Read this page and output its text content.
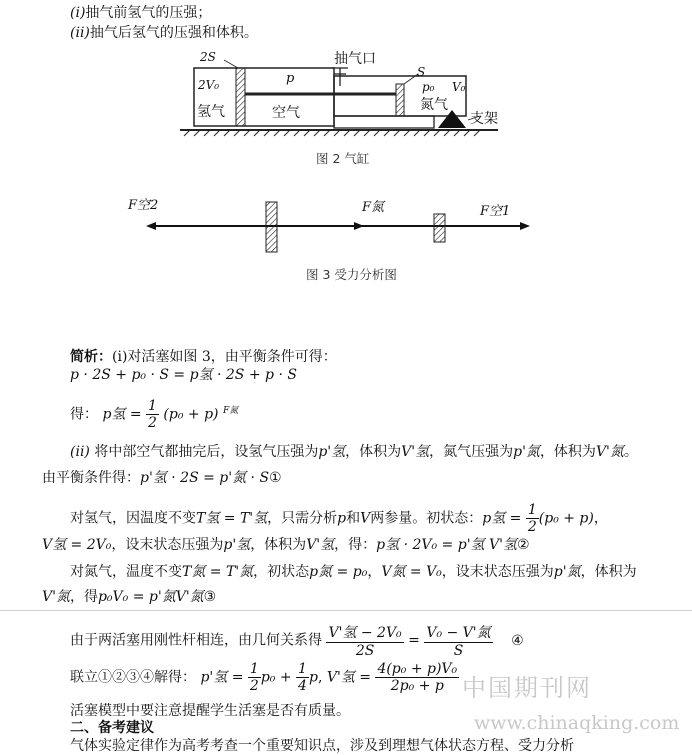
(i)抽气前氢气的压强；
(ii)抽气后氢气的压强和体积。
2S
2V₀
氢气
p
空气
抽气口
S
p₀ V₀
氮气
支架
图 2 气缸
F空2	F氮	F空1
图 3 受力分析图
简析：(i)对活塞如图 3，由平衡条件可得：
p · 2S + p₀ · S = p氢 · 2S + p · S
得： p氢 = $\frac{1}{2} (p_0 + p)$ $^{F氮}$
(ii) 将中部空气都抽完后，设氢气压强为p'氢，体积为V'氢，氮气压强为p'氮，体积为V'氮。
由平衡条件得：p'氢 · 2S = p'氮 · S①
对氢气，因温度不变T氢 = T'氢，只需分析p和V两参量。初状态：p氢 = $\frac{1}{2} (p_0 + p)$，
V氢 = 2V₀，设末状态压强为p'氢，体积为V'氢，得：p氢 · 2V₀ = p'氢 V'氢②
对氮气，温度不变T氮 = T'氮，初状态p氮 = p₀，V氮 = V₀，设末状态压强为p'氮，体积为
V'氮，得p₀V₀ = p'氮V'氮③
由于两活塞用刚性杆相连，由几何关系得 $\frac{\text{V'氢 − 2V₀}}{2S} = \frac{\text{V₀ − V'氮}}{S}$ ④
联立①②③④解得： p'氢 = $\frac{1}{2} p_0 + \frac{1}{4} p$, V'氢 = $\frac{\text{4(p₀ + p)V₀}}{\text{2p₀ + p}}$
活塞模型中要注意提醒学生活塞是否有质量。
二、备考建议
气体实验定律作为高考考查一个重要知识点，涉及到理想气体状态方程、受力分析
中国期刊网
www.chinaqking.com
